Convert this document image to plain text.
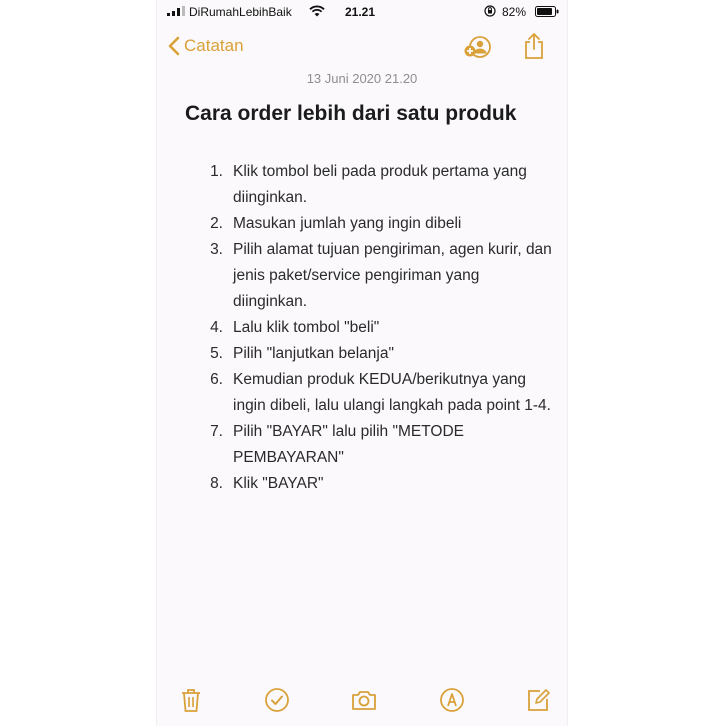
DiRumahLebihBaik	21.21	82%
Catatan
13 Juni 2020 21.20
Cara order lebih dari satu produk
1. Klik tombol beli pada produk pertama yang diinginkan.
2. Masukan jumlah yang ingin dibeli
3. Pilih alamat tujuan pengiriman, agen kurir, dan jenis paket/service pengiriman yang diinginkan.
4. Lalu klik tombol "beli"
5. Pilih "lanjutkan belanja"
6. Kemudian produk KEDUA/berikutnya yang ingin dibeli, lalu ulangi langkah pada point 1-4.
7. Pilih "BAYAR" lalu pilih "METODE PEMBAYARAN"
8. Klik "BAYAR"
